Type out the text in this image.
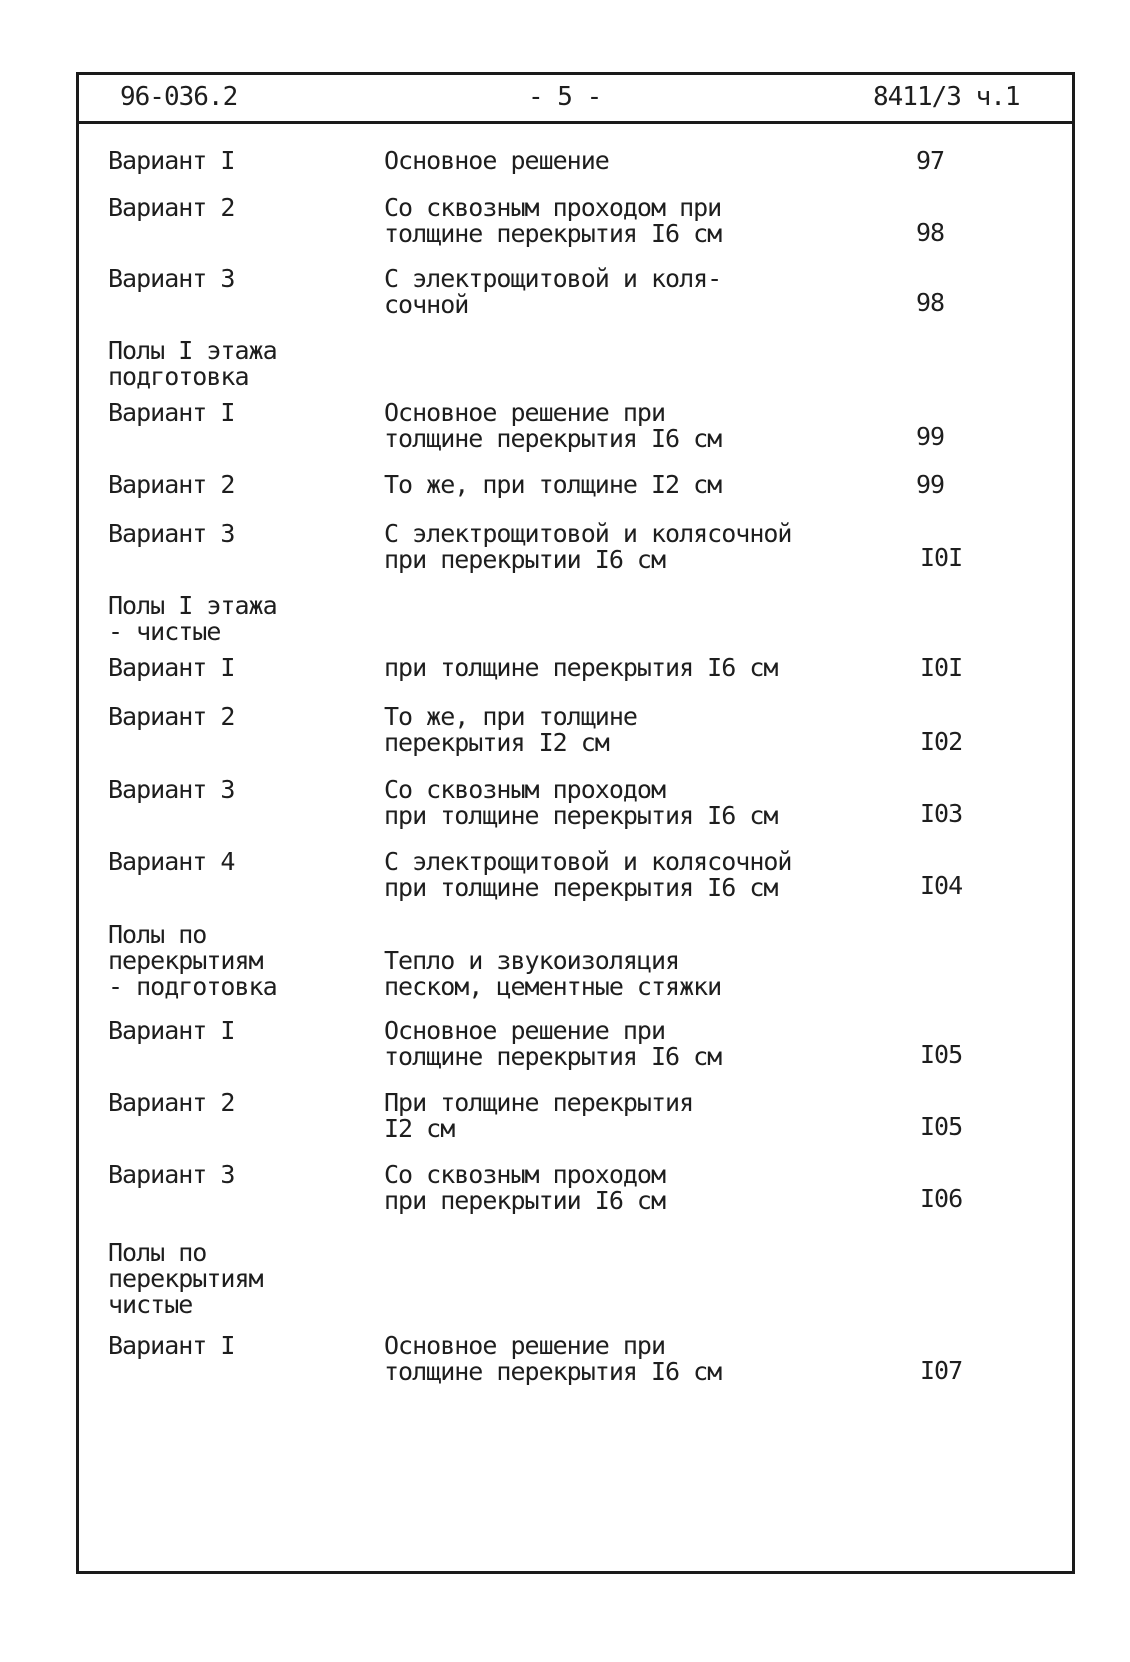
96-036.2	- 5 -	8411/3 ч.1
Вариант I	Основное решение	97
Вариант 2	Со сквозным проходом при
толщине перекрытия I6 см	98
Вариант 3	С электрощитовой и коля-
сочной	98
Полы I этажа
подготовка
Вариант I	Основное решение при
толщине перекрытия I6 см	99
Вариант 2	То же, при толщине I2 см	99
Вариант 3	С электрощитовой и колясочной
при перекрытии I6 см	I0I
Полы I этажа
- чистые
Вариант I	при толщине перекрытия I6 см	I0I
Вариант 2	То же, при толщине
перекрытия I2 см	I02
Вариант 3	Со сквозным проходом
при толщине перекрытия I6 см	I03
Вариант 4	С электрощитовой и колясочной
при толщине перекрытия I6 см	I04
Полы по
перекрытиям
- подготовка
Тепло и звукоизоляция
песком, цементные стяжки
Вариант I	Основное решение при
толщине перекрытия I6 см	I05
Вариант 2	При толщине перекрытия
I2 см	I05
Вариант 3	Со сквозным проходом
при перекрытии I6 см	I06
Полы по
перекрытиям
чистые
Вариант I	Основное решение при
толщине перекрытия I6 см	I07
